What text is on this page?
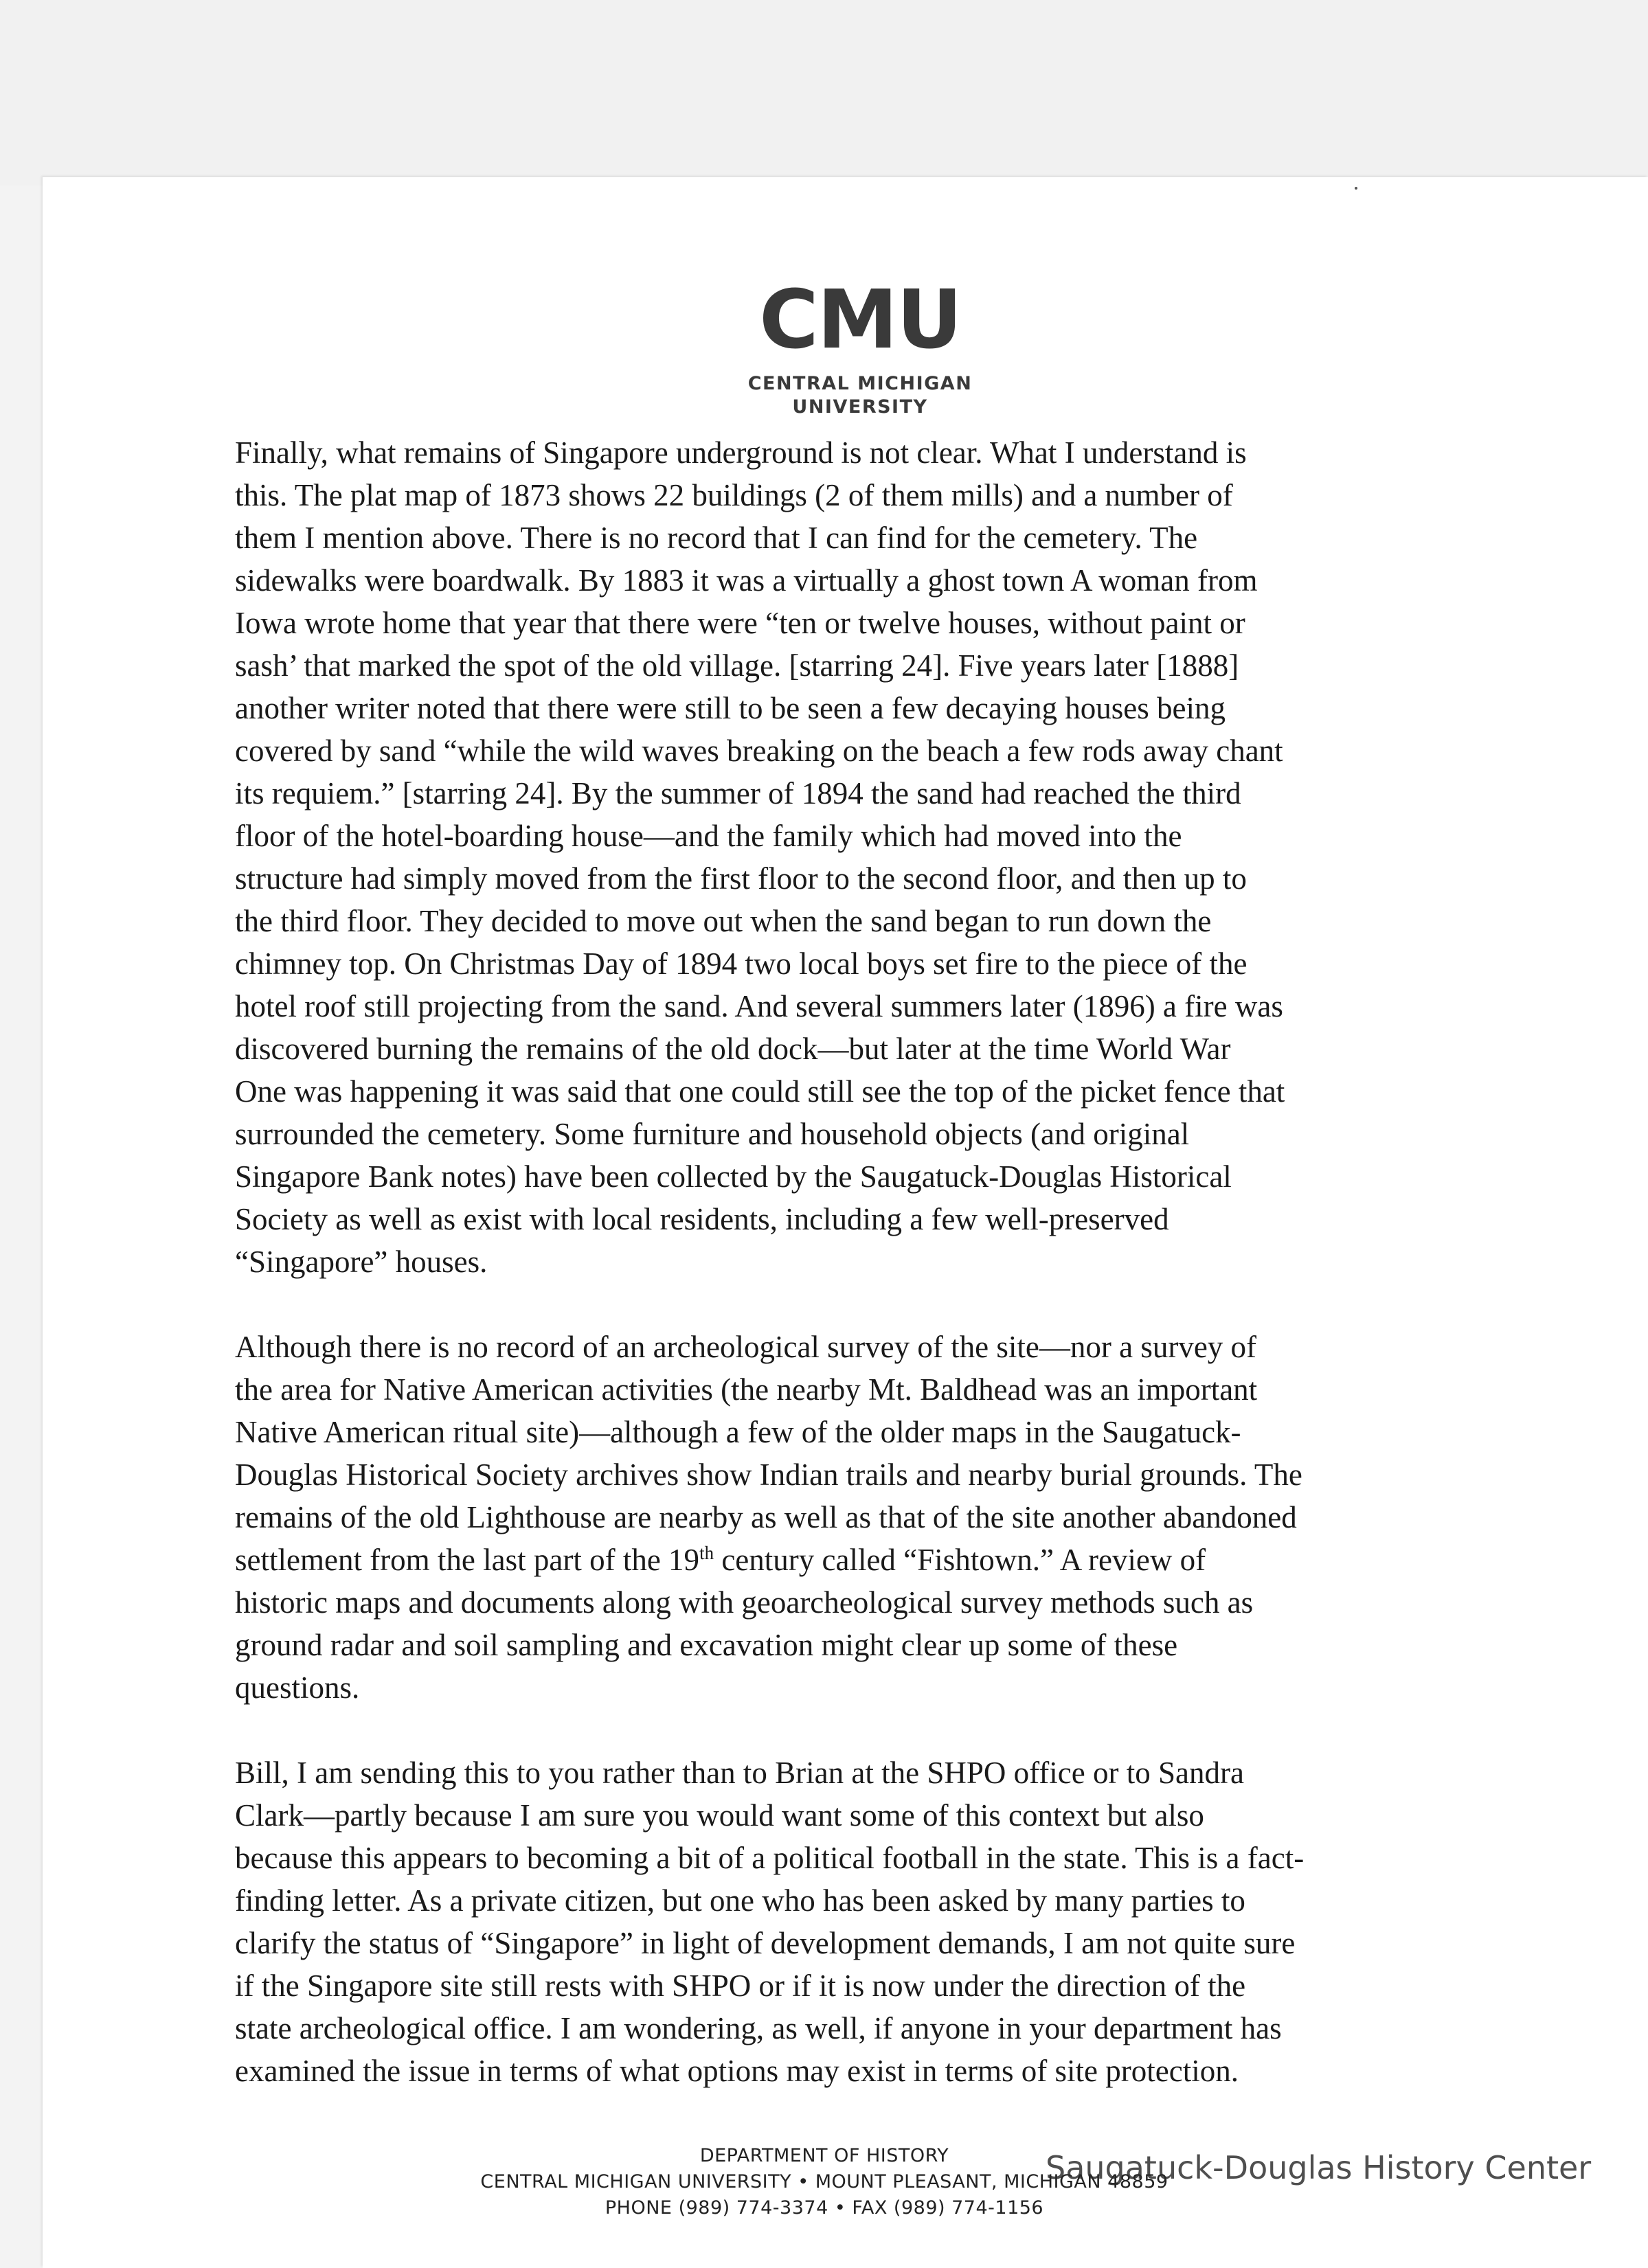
CMU
CENTRAL MICHIGAN
UNIVERSITY

Finally, what remains of Singapore underground is not clear. What I understand is

this. The plat map of 1873 shows 22 buildings (2 of them mills) and a number of

them I mention above. There is no record that I can find for the cemetery. The

sidewalks were boardwalk. By 1883 it was a virtually a ghost town A woman from

Iowa wrote home that year that there were “ten or twelve houses, without paint or

sash’ that marked the spot of the old village. [starring 24]. Five years later [1888]

another writer noted that there were still to be seen a few decaying houses being

covered by sand “while the wild waves breaking on the beach a few rods away chant

its requiem.” [starring 24]. By the summer of 1894 the sand had reached the third

floor of the hotel-boarding house—and the family which had moved into the

structure had simply moved from the first floor to the second floor, and then up to

the third floor. They decided to move out when the sand began to run down the

chimney top. On Christmas Day of 1894 two local boys set fire to the piece of the

hotel roof still projecting from the sand. And several summers later (1896) a fire was

discovered burning the remains of the old dock—but later at the time World War

One was happening it was said that one could still see the top of the picket fence that

surrounded the cemetery. Some furniture and household objects (and original

Singapore Bank notes) have been collected by the Saugatuck-Douglas Historical

Society as well as exist with local residents, including a few well-preserved

“Singapore” houses.

Although there is no record of an archeological survey of the site—nor a survey of

the area for Native American activities (the nearby Mt. Baldhead was an important

Native American ritual site)—although a few of the older maps in the Saugatuck-

Douglas Historical Society archives show Indian trails and nearby burial grounds. The

remains of the old Lighthouse are nearby as well as that of the site another abandoned

settlement from the last part of the 19th century called “Fishtown.” A review of

historic maps and documents along with geoarcheological survey methods such as

ground radar and soil sampling and excavation might clear up some of these

questions.

Bill, I am sending this to you rather than to Brian at the SHPO office or to Sandra

Clark—partly because I am sure you would want some of this context but also

because this appears to becoming a bit of a political football in the state. This is a fact-

finding letter. As a private citizen, but one who has been asked by many parties to

clarify the status of “Singapore” in light of development demands, I am not quite sure

if the Singapore site still rests with SHPO or if it is now under the direction of the

state archeological office. I am wondering, as well, if anyone in your department has

examined the issue in terms of what options may exist in terms of site protection.

DEPARTMENT OF HISTORY
CENTRAL MICHIGAN UNIVERSITY • MOUNT PLEASANT, MICHIGAN 48859
PHONE (989) 774-3374 • FAX (989) 774-1156
Saugatuck-Douglas History Center
